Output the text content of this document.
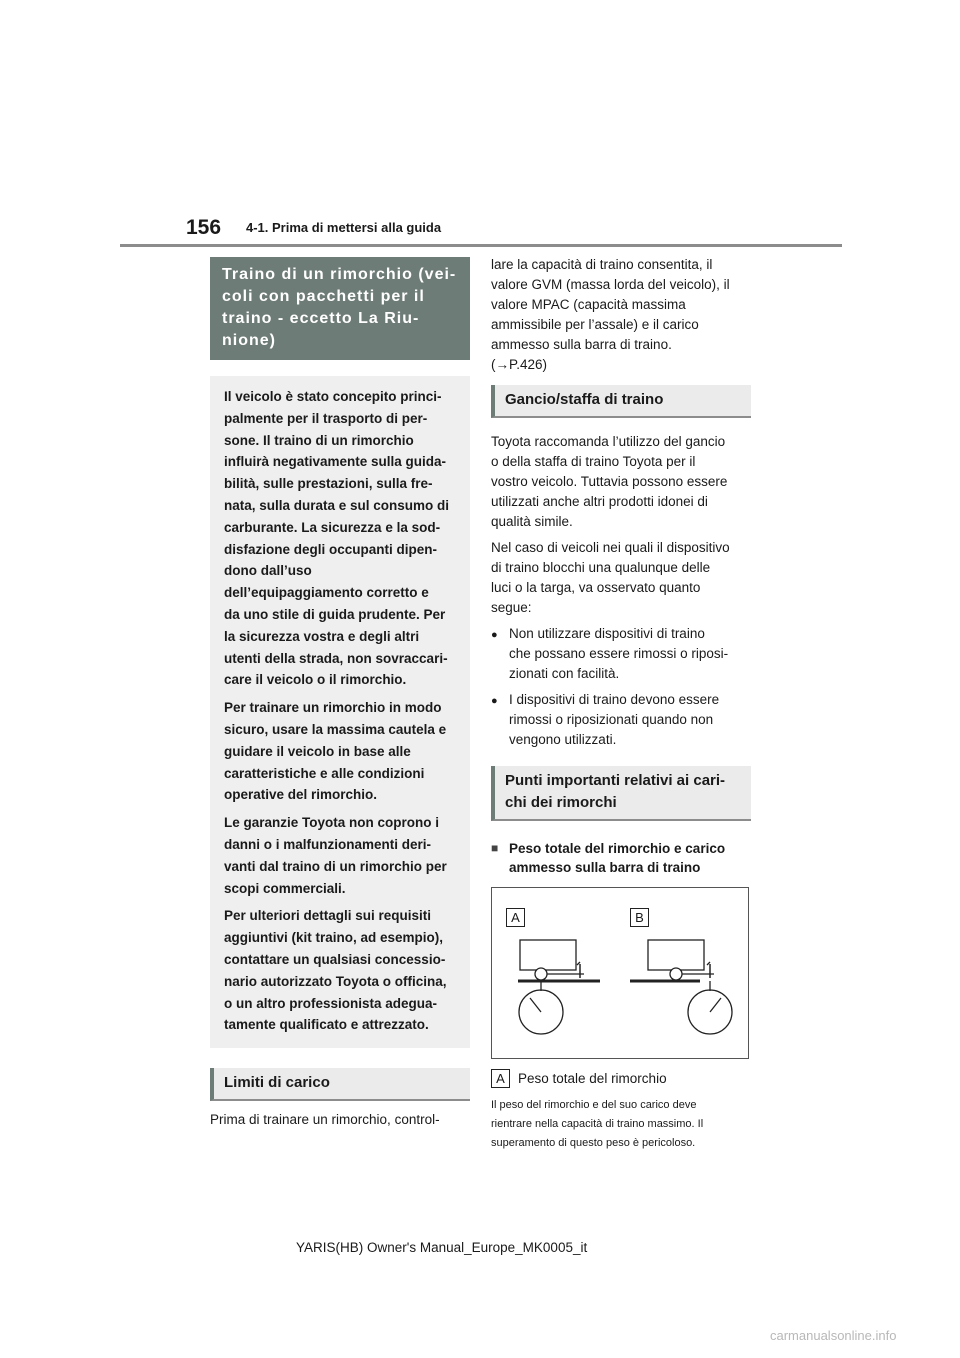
156 4-1. Prima di mettersi alla guida
Traino di un rimorchio (vei-
coli con pacchetti per il
traino - eccetto La Riu-
nione)

Il veicolo è stato concepito princi-
palmente per il trasporto di per-
sone. Il traino di un rimorchio
influirà negativamente sulla guida-
bilità, sulle prestazioni, sulla fre-
nata, sulla durata e sul consumo di
carburante. La sicurezza e la sod-
disfazione degli occupanti dipen-
dono dall’uso
dell’equipaggiamento corretto e
da uno stile di guida prudente. Per
la sicurezza vostra e degli altri
utenti della strada, non sovraccari-
care il veicolo o il rimorchio.

Per trainare un rimorchio in modo
sicuro, usare la massima cautela e
guidare il veicolo in base alle
caratteristiche e alle condizioni
operative del rimorchio.

Le garanzie Toyota non coprono i
danni o i malfunzionamenti deri-
vanti dal traino di un rimorchio per
scopi commerciali.

Per ulteriori dettagli sui requisiti
aggiuntivi (kit traino, ad esempio),
contattare un qualsiasi concessio-
nario autorizzato Toyota o officina,
o un altro professionista adegua-
tamente qualificato e attrezzato.

Limiti di carico

Prima di trainare un rimorchio, control-

lare la capacità di traino consentita, il
valore GVM (massa lorda del veicolo), il
valore MPAC (capacità massima
ammissibile per l’assale) e il carico
ammesso sulla barra di traino.
(→P.426)

Gancio/staffa di traino

Toyota raccomanda l’utilizzo del gancio
o della staffa di traino Toyota per il
vostro veicolo. Tuttavia possono essere
utilizzati anche altri prodotti idonei di
qualità simile.

Nel caso di veicoli nei quali il dispositivo
di traino blocchi una qualunque delle
luci o la targa, va osservato quanto
segue:

● Non utilizzare dispositivi di traino
che possano essere rimossi o riposi-
zionati con facilità.
● I dispositivi di traino devono essere
rimossi o riposizionati quando non
vengono utilizzati.
Punti importanti relativi ai cari-
chi dei rimorchi
■ Peso totale del rimorchio e carico
ammesso sulla barra di traino
A	B
A Peso totale del rimorchio

Il peso del rimorchio e del suo carico deve
rientrare nella capacità di traino massimo. Il
superamento di questo peso è pericoloso.

YARIS(HB) Owner's Manual_Europe_MK0005_it
carmanualsonline.info
